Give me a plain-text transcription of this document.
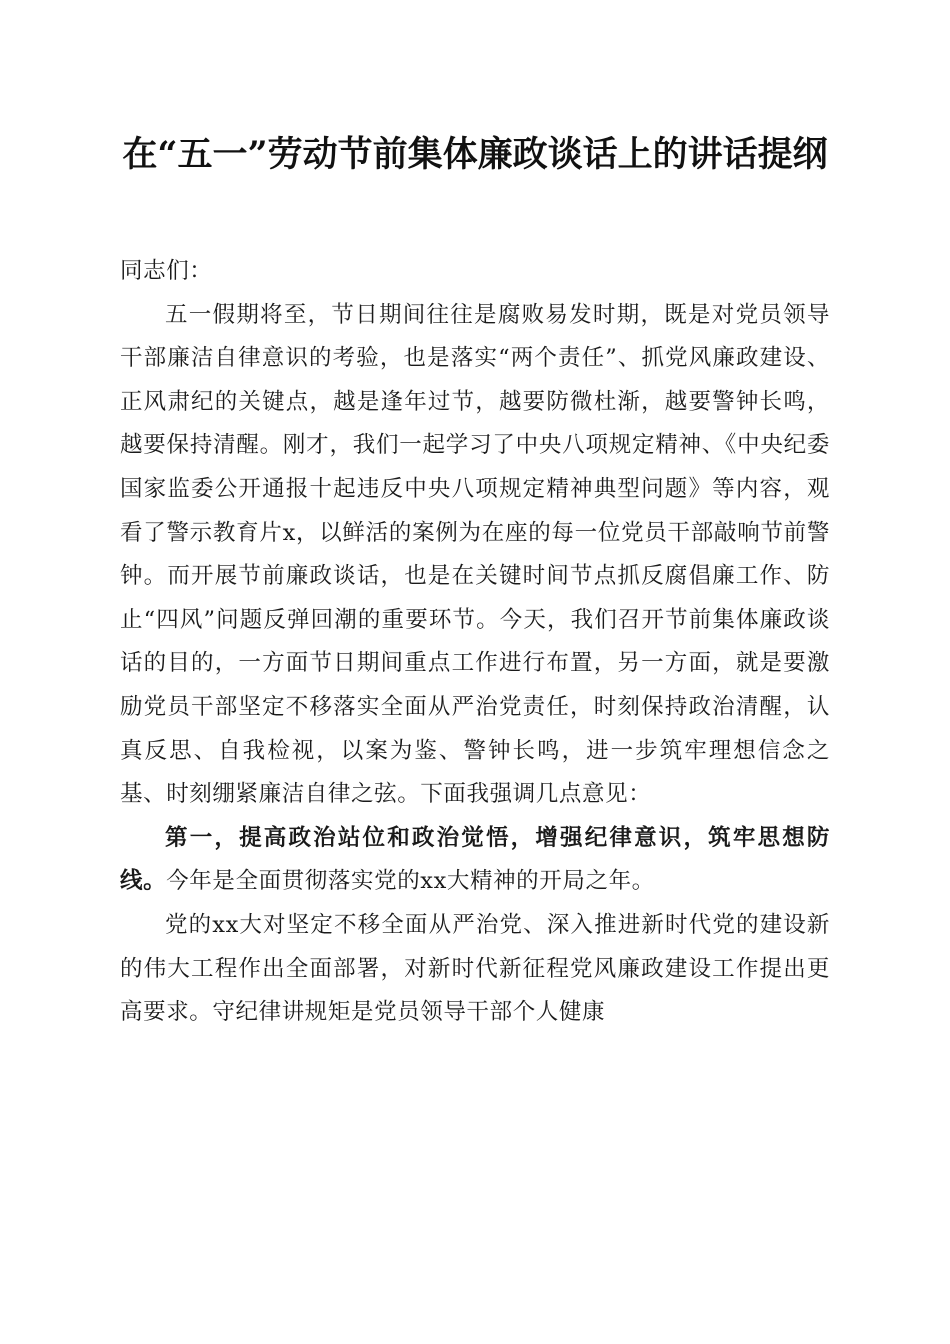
在“五一”劳动节前集体廉政谈话上的讲话提纲

同志们：

五一假期将至，节日期间往往是腐败易发时期，既是对党员领导干部廉洁自律意识的考验，也是落实“两个责任”、抓党风廉政建设、正风肃纪的关键点，越是逢年过节，越要防微杜渐，越要警钟长鸣，越要保持清醒。刚才，我们一起学习了中央八项规定精神、《中央纪委国家监委公开通报十起违反中央八项规定精神典型问题》等内容，观看了警示教育片x，以鲜活的案例为在座的每一位党员干部敲响节前警钟。而开展节前廉政谈话，也是在关键时间节点抓反腐倡廉工作、防止“四风”问题反弹回潮的重要环节。今天，我们召开节前集体廉政谈话的目的，一方面节日期间重点工作进行布置，另一方面，就是要激励党员干部坚定不移落实全面从严治党责任，时刻保持政治清醒，认真反思、自我检视，以案为鉴、警钟长鸣，进一步筑牢理想信念之基、时刻绷紧廉洁自律之弦。下面我强调几点意见：

第一，提高政治站位和政治觉悟，增强纪律意识，筑牢思想防线。今年是全面贯彻落实党的xx大精神的开局之年。

党的xx大对坚定不移全面从严治党、深入推进新时代党的建设新的伟大工程作出全面部署，对新时代新征程党风廉政建设工作提出更高要求。守纪律讲规矩是党员领导干部个人健康
